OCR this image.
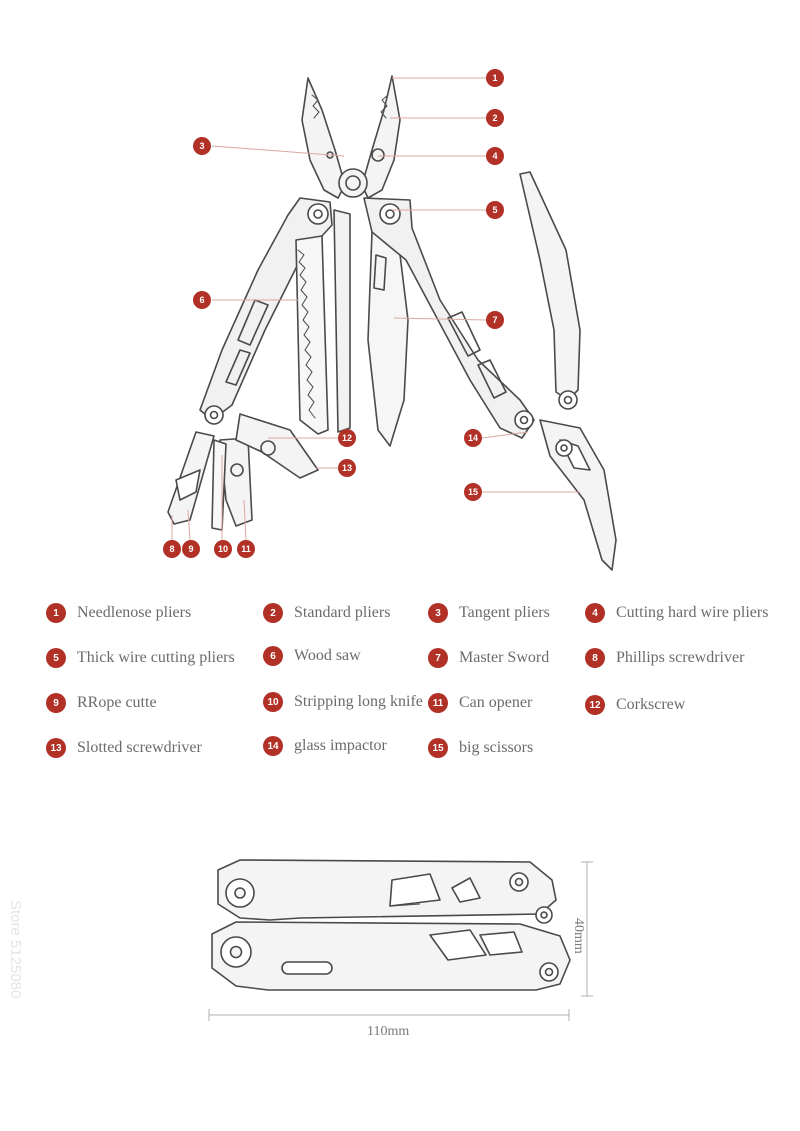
1
2
3
4
5
6
7
8 9	10 11
12
13
14
15
1	Needlenose pliers	2	Standard pliers	3	Tangent pliers	4	Cutting hard wire pliers
5	Thick wire cutting pliers	6	Wood saw	7	Master Sword	8	Phillips screwdriver
9	RRope cutte	10 Stripping long knife 11 Can opener	12 Corkscrew
13 Slotted screwdriver	14 glass impactor	15 big scissors
40mm
110mm
Store 5125080
